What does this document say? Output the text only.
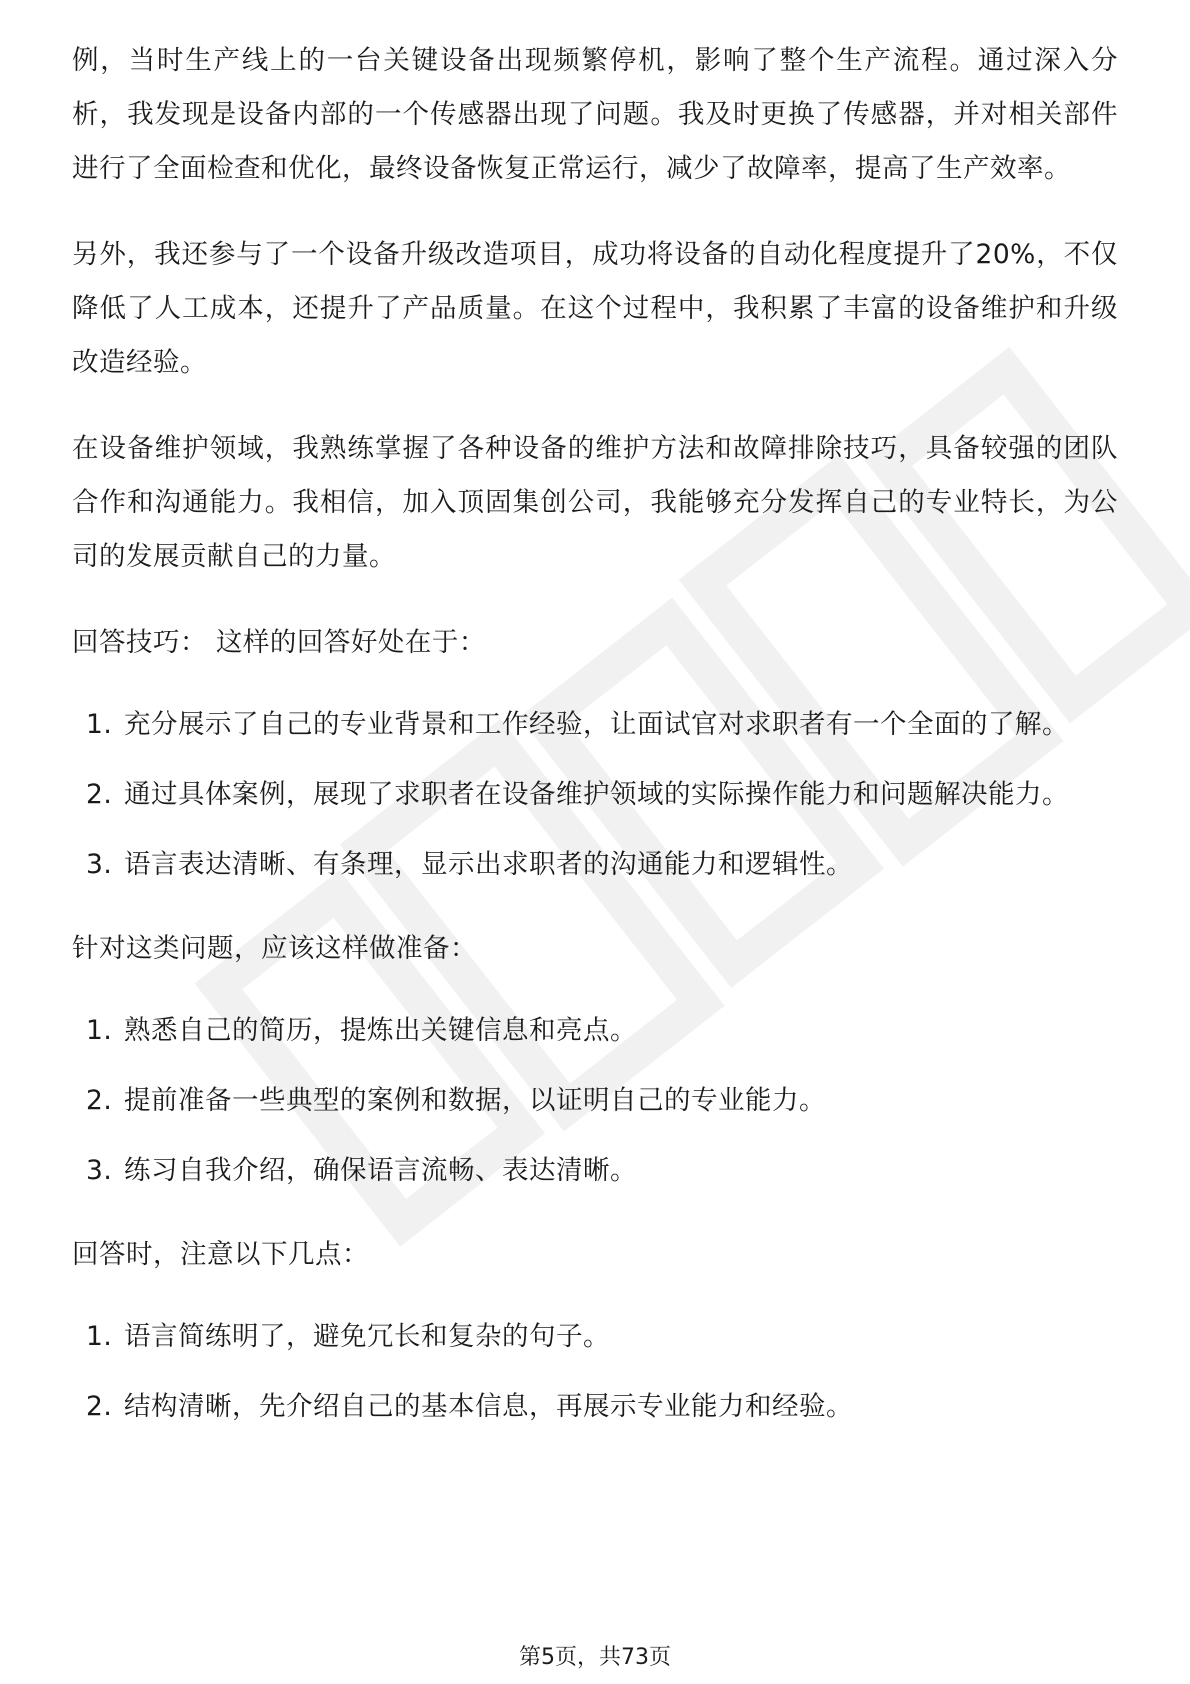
例，当时生产线上的一台关键设备出现频繁停机，影响了整个生产流程。通过深入分析，我发现是设备内部的一个传感器出现了问题。我及时更换了传感器，并对相关部件进行了全面检查和优化，最终设备恢复正常运行，减少了故障率，提高了生产效率。

另外，我还参与了一个设备升级改造项目，成功将设备的自动化程度提升了20%，不仅降低了人工成本，还提升了产品质量。在这个过程中，我积累了丰富的设备维护和升级改造经验。

在设备维护领域，我熟练掌握了各种设备的维护方法和故障排除技巧，具备较强的团队合作和沟通能力。我相信，加入顶固集创公司，我能够充分发挥自己的专业特长，为公司的发展贡献自己的力量。

回答技巧： 这样的回答好处在于：

1. 充分展示了自己的专业背景和工作经验，让面试官对求职者有一个全面的了解。
2. 通过具体案例，展现了求职者在设备维护领域的实际操作能力和问题解决能力。
3. 语言表达清晰、有条理，显示出求职者的沟通能力和逻辑性。

针对这类问题，应该这样做准备：

1. 熟悉自己的简历，提炼出关键信息和亮点。
2. 提前准备一些典型的案例和数据，以证明自己的专业能力。
3. 练习自我介绍，确保语言流畅、表达清晰。

回答时，注意以下几点：

1. 语言简练明了，避免冗长和复杂的句子。
2. 结构清晰，先介绍自己的基本信息，再展示专业能力和经验。
第5页，共73页
